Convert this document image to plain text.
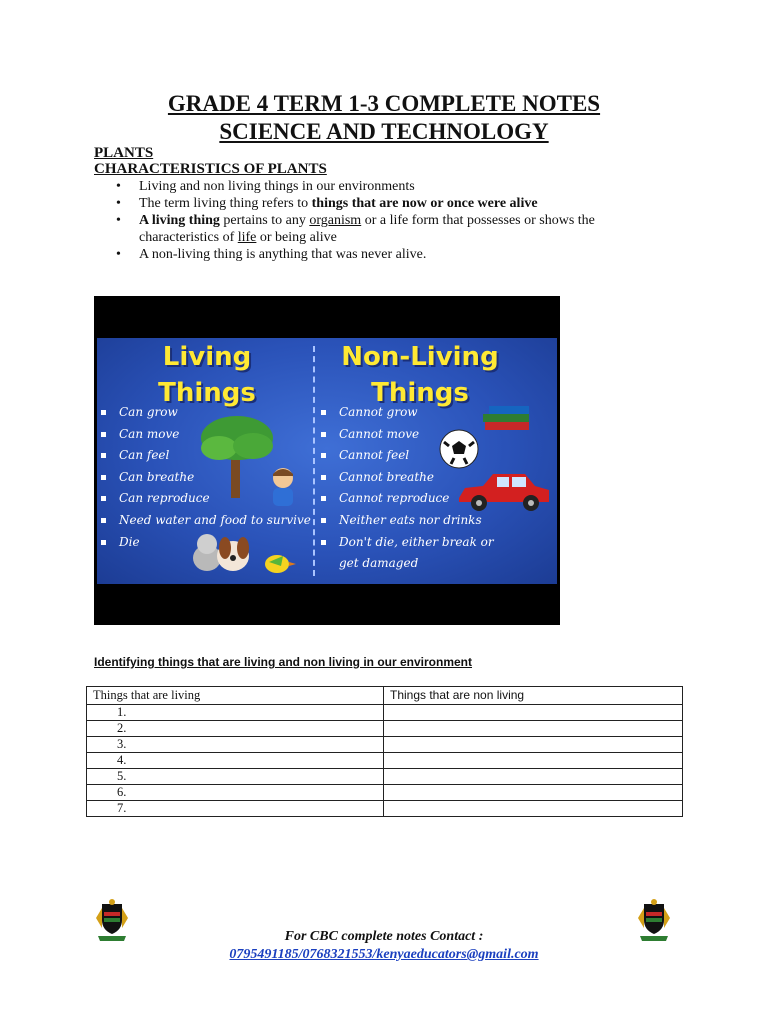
GRADE 4 TERM 1-3 COMPLETE NOTES
SCIENCE AND TECHNOLOGY

PLANTS

CHARACTERISTICS OF PLANTS

• Living and non living things in our environments
• The term living thing refers to things that are now or once were alive
• A living thing pertains to any organism or a life form that possesses or shows the characteristics of life or being alive
• A non-living thing is anything that was never alive.

Living

Things

Non-Living

Things

Can grow
Can move
Can feel
Can breathe
Can reproduce
Need water and food to survive
Die
Cannot grow
Cannot move
Cannot feel
Cannot breathe
Cannot reproduce
Neither eats nor drinks
Don't die, either break or get damaged

Identifying things that are living and non living in our environment

Things that are living	Things that are non living
1.	
2.	
3.	
4.	
5.	
6.	
7.	

For CBC complete notes Contact :

0795491185/0768321553/kenyaeducators@gmail.com
